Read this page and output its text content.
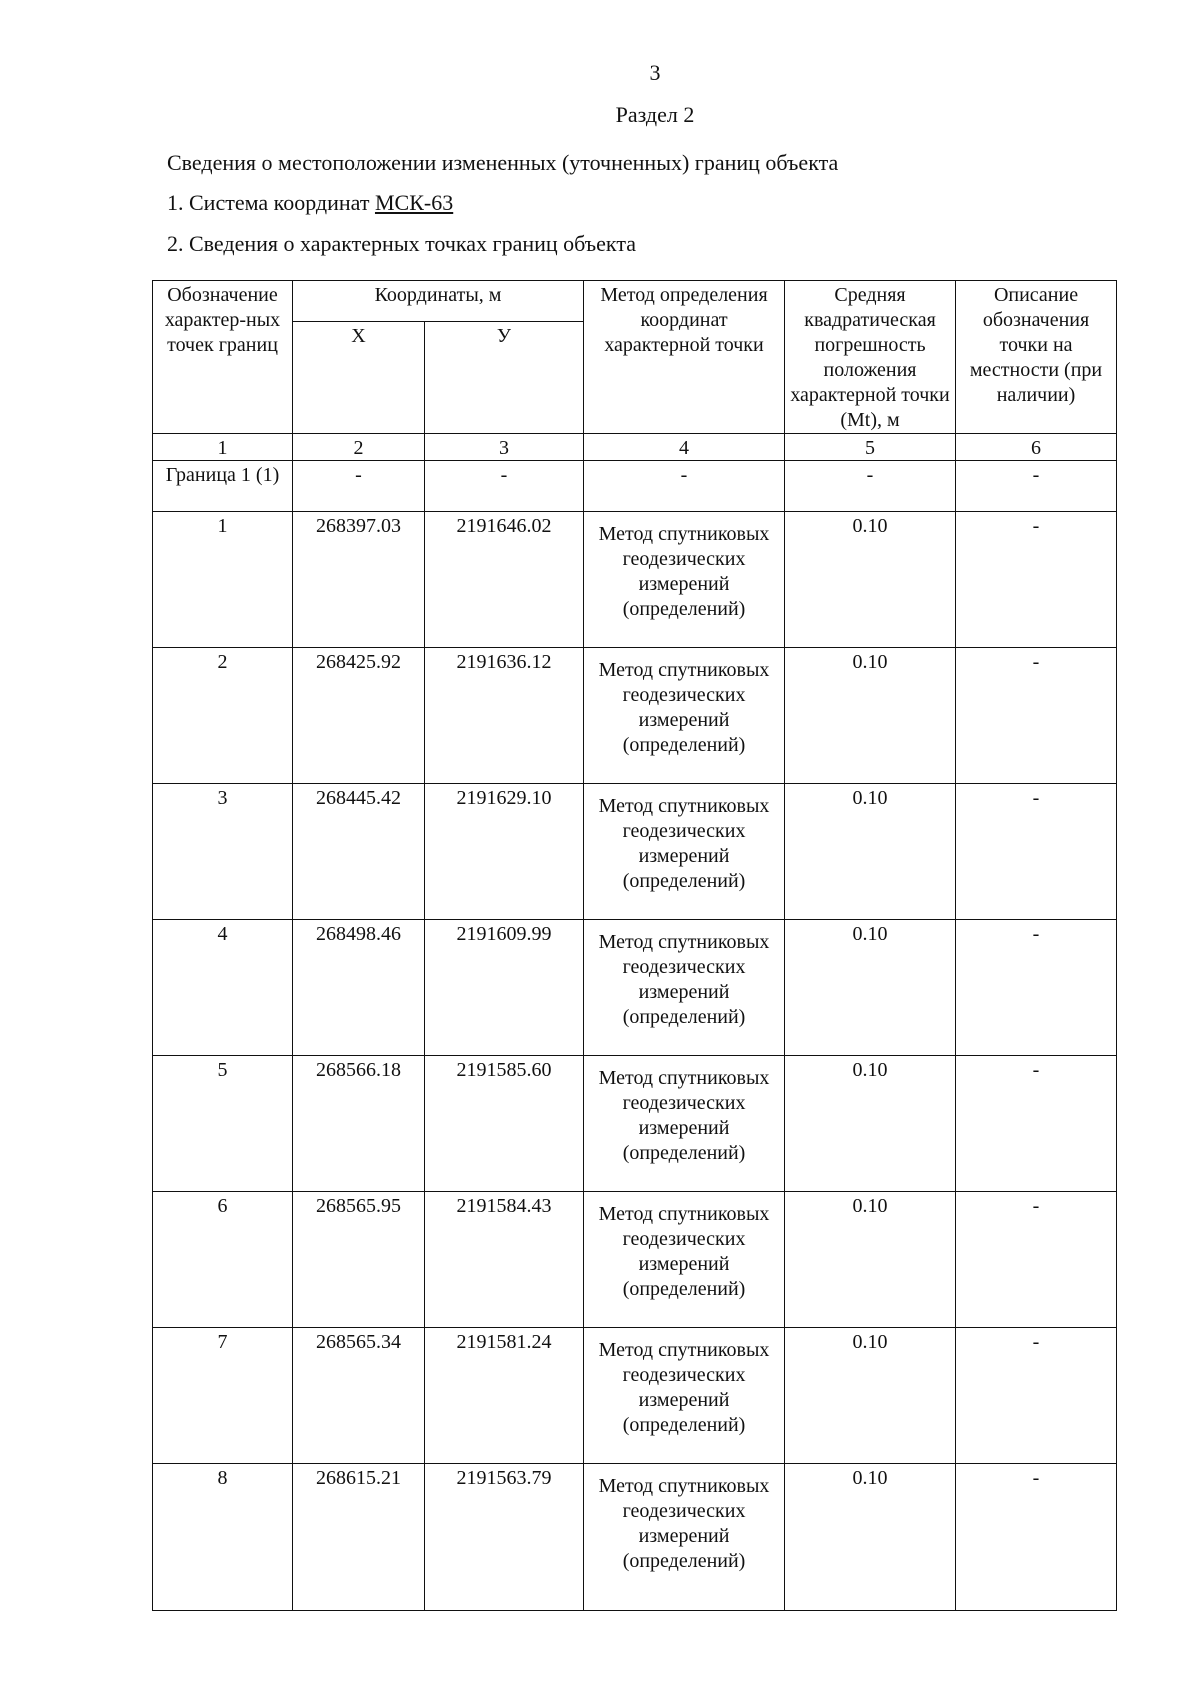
3
Раздел 2
Сведения о местоположении измененных (уточненных) границ объекта
1. Система координат МСК-63
2. Сведения о характерных точках границ объекта
Обозначение характер-ных точек границ	Координаты, м		Метод определения координат характерной точки	Средняя квадратическая погрешность положения характерной точки (Mt), м	Описание обозначения точки на местности (при наличии)
	X	У			
1	2	3	4	5	6
Граница 1 (1)	-	-	-	-	-
1	268397.03	2191646.02	Метод спутниковых геодезических измерений (определений)	0.10	-
2	268425.92	2191636.12	Метод спутниковых геодезических измерений (определений)	0.10	-
3	268445.42	2191629.10	Метод спутниковых геодезических измерений (определений)	0.10	-
4	268498.46	2191609.99	Метод спутниковых геодезических измерений (определений)	0.10	-
5	268566.18	2191585.60	Метод спутниковых геодезических измерений (определений)	0.10	-
6	268565.95	2191584.43	Метод спутниковых геодезических измерений (определений)	0.10	-
7	268565.34	2191581.24	Метод спутниковых геодезических измерений (определений)	0.10	-
8	268615.21	2191563.79	Метод спутниковых геодезических измерений (определений)	0.10	-
